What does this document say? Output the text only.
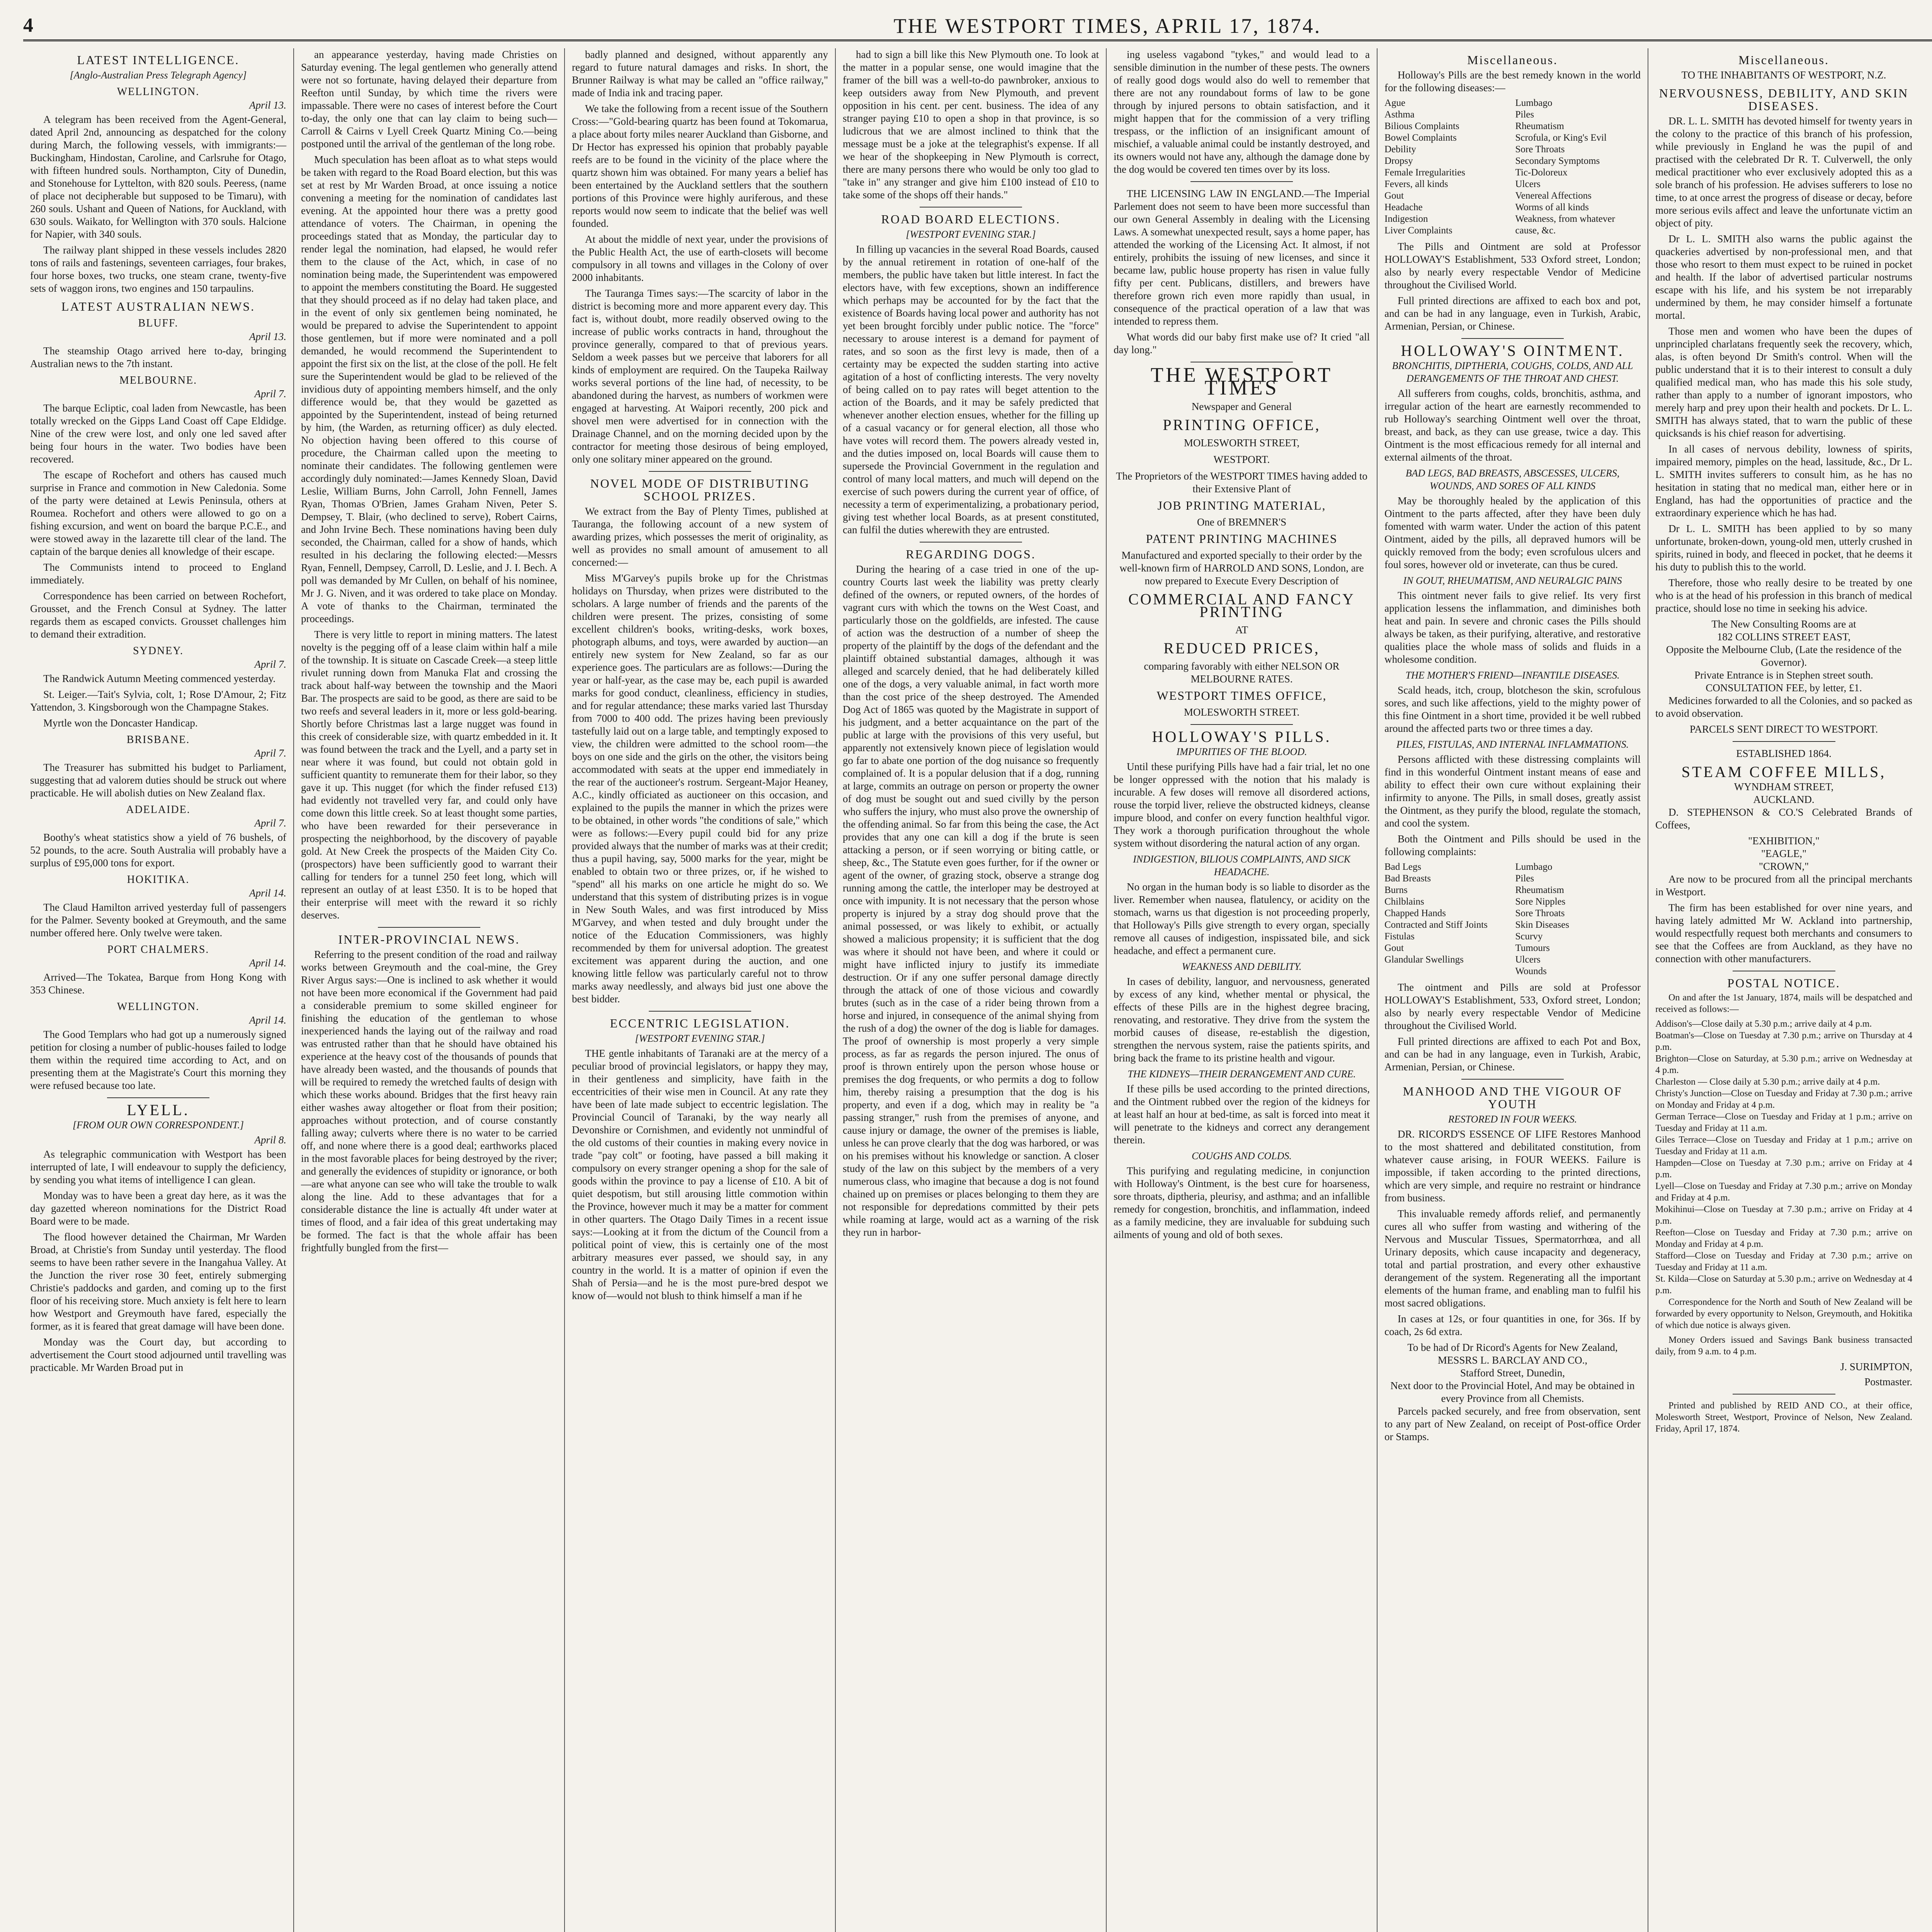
4	THE WESTPORT TIMES, APRIL 17, 1874.
LATEST INTELLIGENCE.
[Anglo-Australian Press Telegraph Agency]
WELLINGTON.
April 13.

A telegram has been received from the Agent-General, dated April 2nd, announcing as despatched for the colony during March, the following vessels, with immigrants:—Buckingham, Hindostan, Caroline, and Carlsruhe for Otago, with fifteen hundred souls. Northampton, City of Dunedin, and Stonehouse for Lyttelton, with 820 souls. Peeress, (name of place not decipherable but supposed to be Timaru), with 260 souls. Ushant and Queen of Nations, for Auckland, with 630 souls. Waikato, for Wellington with 370 souls. Halcione for Napier, with 340 souls.

The railway plant shipped in these vessels includes 2820 tons of rails and fastenings, seventeen carriages, four brakes, four horse boxes, two trucks, one steam crane, twenty-five sets of waggon irons, two engines and 150 tarpaulins.

LATEST AUSTRALIAN NEWS.
BLUFF.
April 13.

The steamship Otago arrived here to-day, bringing Australian news to the 7th instant.

MELBOURNE.
April 7.

The barque Ecliptic, coal laden from Newcastle, has been totally wrecked on the Gipps Land Coast off Cape Eldidge. Nine of the crew were lost, and only one led saved after being four hours in the water. Two bodies have been recovered.

The escape of Rochefort and others has caused much surprise in France and commotion in New Caledonia. Some of the party were detained at Lewis Peninsula, others at Roumea. Rochefort and others were allowed to go on a fishing excursion, and went on board the barque P.C.E., and were stowed away in the lazarette till clear of the land. The captain of the barque denies all knowledge of their escape.

The Communists intend to proceed to England immediately.

Correspondence has been carried on between Rochefort, Grousset, and the French Consul at Sydney. The latter regards them as escaped convicts. Grousset challenges him to demand their extradition.

SYDNEY.
April 7.

The Randwick Autumn Meeting commenced yesterday.

St. Leiger.—Tait's Sylvia, colt, 1; Rose D'Amour, 2; Fitz Yattendon, 3. Kingsborough won the Champagne Stakes.

Myrtle won the Doncaster Handicap.

BRISBANE.
April 7.

The Treasurer has submitted his budget to Parliament, suggesting that ad valorem duties should be struck out where practicable. He will abolish duties on New Zealand flax.

ADELAIDE.
April 7.

Boothy's wheat statistics show a yield of 76 bushels, of 52 pounds, to the acre. South Australia will probably have a surplus of £95,000 tons for export.

HOKITIKA.
April 14.

The Claud Hamilton arrived yesterday full of passengers for the Palmer. Seventy booked at Greymouth, and the same number offered here. Only twelve were taken.

PORT CHALMERS.
April 14.

Arrived—The Tokatea, Barque from Hong Kong with 353 Chinese.

WELLINGTON.
April 14.

The Good Templars who had got up a numerously signed petition for closing a number of public-houses failed to lodge them within the required time according to Act, and on presenting them at the Magistrate's Court this morning they were refused because too late.

LYELL.
[FROM OUR OWN CORRESPONDENT.]
April 8.

As telegraphic communication with Westport has been interrupted of late, I will endeavour to supply the deficiency, by sending you what items of intelligence I can glean.

Monday was to have been a great day here, as it was the day gazetted whereon nominations for the District Road Board were to be made.

The flood however detained the Chairman, Mr Warden Broad, at Christie's from Sunday until yesterday. The flood seems to have been rather severe in the Inangahua Valley. At the Junction the river rose 30 feet, entirely submerging Christie's paddocks and garden, and coming up to the first floor of his receiving store. Much anxiety is felt here to learn how Westport and Greymouth have fared, especially the former, as it is feared that great damage will have been done.

Monday was the Court day, but according to advertisement the Court stood adjourned until travelling was practicable. Mr Warden Broad put in

an appearance yesterday, having made Christies on Saturday evening. The legal gentlemen who generally attend were not so fortunate, having delayed their departure from Reefton until Sunday, by which time the rivers were impassable. There were no cases of interest before the Court to-day, the only one that can lay claim to being such—Carroll & Cairns v Lyell Creek Quartz Mining Co.—being postponed until the arrival of the gentleman of the long robe.

Much speculation has been afloat as to what steps would be taken with regard to the Road Board election, but this was set at rest by Mr Warden Broad, at once issuing a notice convening a meeting for the nomination of candidates last evening. At the appointed hour there was a pretty good attendance of voters. The Chairman, in opening the proceedings stated that as Monday, the particular day to render legal the nomination, had elapsed, he would refer them to the clause of the Act, which, in case of no nomination being made, the Superintendent was empowered to appoint the members constituting the Board. He suggested that they should proceed as if no delay had taken place, and in the event of only six gentlemen being nominated, he would be prepared to advise the Superintendent to appoint those gentlemen, but if more were nominated and a poll demanded, he would recommend the Superintendent to appoint the first six on the list, at the close of the poll. He felt sure the Superintendent would be glad to be relieved of the invidious duty of appointing members himself, and the only difference would be, that they would be gazetted as appointed by the Superintendent, instead of being returned by him, (the Warden, as returning officer) as duly elected. No objection having been offered to this course of procedure, the Chairman called upon the meeting to nominate their candidates. The following gentlemen were accordingly duly nominated:—James Kennedy Sloan, David Leslie, William Burns, John Carroll, John Fennell, James Ryan, Thomas O'Brien, James Graham Niven, Peter S. Dempsey, T. Blair, (who declined to serve), Robert Cairns, and John Irvine Bech. These nominations having been duly seconded, the Chairman, called for a show of hands, which resulted in his declaring the following elected:—Messrs Ryan, Fennell, Dempsey, Carroll, D. Leslie, and J. I. Bech. A poll was demanded by Mr Cullen, on behalf of his nominee, Mr J. G. Niven, and it was ordered to take place on Monday. A vote of thanks to the Chairman, terminated the proceedings.

There is very little to report in mining matters. The latest novelty is the pegging off of a lease claim within half a mile of the township. It is situate on Cascade Creek—a steep little rivulet running down from Manuka Flat and crossing the track about half-way between the township and the Maori Bar. The prospects are said to be good, as there are said to be two reefs and several leaders in it, more or less gold-bearing. Shortly before Christmas last a large nugget was found in this creek of considerable size, with quartz embedded in it. It was found between the track and the Lyell, and a party set in near where it was found, but could not obtain gold in sufficient quantity to remunerate them for their labor, so they gave it up. This nugget (for which the finder refused £13) had evidently not travelled very far, and could only have come down this little creek. So at least thought some parties, who have been rewarded for their perseverance in prospecting the neighborhood, by the discovery of payable gold. At New Creek the prospects of the Maiden City Co. (prospectors) have been sufficiently good to warrant their calling for tenders for a tunnel 250 feet long, which will represent an outlay of at least £350. It is to be hoped that their enterprise will meet with the reward it so richly deserves.

INTER-PROVINCIAL NEWS.

Referring to the present condition of the road and railway works between Greymouth and the coal-mine, the Grey River Argus says:—One is inclined to ask whether it would not have been more economical if the Government had paid a considerable premium to some skilled engineer for finishing the education of the gentleman to whose inexperienced hands the laying out of the railway and road was entrusted rather than that he should have obtained his experience at the heavy cost of the thousands of pounds that have already been wasted, and the thousands of pounds that will be required to remedy the wretched faults of design with which these works abound. Bridges that the first heavy rain either washes away altogether or float from their position; approaches without protection, and of course constantly falling away; culverts where there is no water to be carried off, and none where there is a good deal; earthworks placed in the most favorable places for being destroyed by the river; and generally the evidences of stupidity or ignorance, or both—are what anyone can see who will take the trouble to walk along the line. Add to these advantages that for a considerable distance the line is actually 4ft under water at times of flood, and a fair idea of this great undertaking may be formed. The fact is that the whole affair has been frightfully bungled from the first—

badly planned and designed, without apparently any regard to future natural damages and risks. In short, the Brunner Railway is what may be called an "office railway," made of India ink and tracing paper.

We take the following from a recent issue of the Southern Cross:—"Gold-bearing quartz has been found at Tokomarua, a place about forty miles nearer Auckland than Gisborne, and Dr Hector has expressed his opinion that probably payable reefs are to be found in the vicinity of the place where the quartz shown him was obtained. For many years a belief has been entertained by the Auckland settlers that the southern portions of this Province were highly auriferous, and these reports would now seem to indicate that the belief was well founded.

At about the middle of next year, under the provisions of the Public Health Act, the use of earth-closets will become compulsory in all towns and villages in the Colony of over 2000 inhabitants.

The Tauranga Times says:—The scarcity of labor in the district is becoming more and more apparent every day. This fact is, without doubt, more readily observed owing to the increase of public works contracts in hand, throughout the province generally, compared to that of previous years. Seldom a week passes but we perceive that laborers for all kinds of employment are required. On the Taupeka Railway works several portions of the line had, of necessity, to be abandoned during the harvest, as numbers of workmen were engaged at harvesting. At Waipori recently, 200 pick and shovel men were advertised for in connection with the Drainage Channel, and on the morning decided upon by the contractor for meeting those desirous of being employed, only one solitary miner appeared on the ground.

NOVEL MODE OF DISTRIBUTING SCHOOL PRIZES.

We extract from the Bay of Plenty Times, published at Tauranga, the following account of a new system of awarding prizes, which possesses the merit of originality, as well as provides no small amount of amusement to all concerned:—

Miss M'Garvey's pupils broke up for the Christmas holidays on Thursday, when prizes were distributed to the scholars. A large number of friends and the parents of the children were present. The prizes, consisting of some excellent children's books, writing-desks, work boxes, photograph albums, and toys, were awarded by auction—an entirely new system for New Zealand, so far as our experience goes. The particulars are as follows:—During the year or half-year, as the case may be, each pupil is awarded marks for good conduct, cleanliness, efficiency in studies, and for regular attendance; these marks varied last Thursday from 7000 to 400 odd. The prizes having been previously tastefully laid out on a large table, and temptingly exposed to view, the children were admitted to the school room—the boys on one side and the girls on the other, the visitors being accommodated with seats at the upper end immediately in the rear of the auctioneer's rostrum. Sergeant-Major Heaney, A.C., kindly officiated as auctioneer on this occasion, and explained to the pupils the manner in which the prizes were to be obtained, in other words "the conditions of sale," which were as follows:—Every pupil could bid for any prize provided always that the number of marks was at their credit; thus a pupil having, say, 5000 marks for the year, might be enabled to obtain two or three prizes, or, if he wished to "spend" all his marks on one article he might do so. We understand that this system of distributing prizes is in vogue in New South Wales, and was first introduced by Miss M'Garvey, and when tested and duly brought under the notice of the Education Commissioners, was highly recommended by them for universal adoption. The greatest excitement was apparent during the auction, and one knowing little fellow was particularly careful not to throw marks away needlessly, and always bid just one above the best bidder.

ECCENTRIC LEGISLATION.
[WESTPORT EVENING STAR.]

THE gentle inhabitants of Taranaki are at the mercy of a peculiar brood of provincial legislators, or happy they may, in their gentleness and simplicity, have faith in the eccentricities of their wise men in Council. At any rate they have been of late made subject to eccentric legislation. The Provincial Council of Taranaki, by the way nearly all Devonshire or Cornishmen, and evidently not unmindful of the old customs of their counties in making every novice in trade "pay colt" or footing, have passed a bill making it compulsory on every stranger opening a shop for the sale of goods within the province to pay a license of £10. A bit of quiet despotism, but still arousing little commotion within the Province, however much it may be a matter for comment in other quarters. The Otago Daily Times in a recent issue says:—Looking at it from the dictum of the Council from a political point of view, this is certainly one of the most arbitrary measures ever passed, we should say, in any country in the world. It is a matter of opinion if even the Shah of Persia—and he is the most pure-bred despot we know of—would not blush to think himself a man if he

had to sign a bill like this New Plymouth one. To look at the matter in a popular sense, one would imagine that the framer of the bill was a well-to-do pawnbroker, anxious to keep outsiders away from New Plymouth, and prevent opposition in his cent. per cent. business. The idea of any stranger paying £10 to open a shop in that province, is so ludicrous that we are almost inclined to think that the message must be a joke at the telegraphist's expense. If all we hear of the shopkeeping in New Plymouth is correct, there are many persons there who would be only too glad to "take in" any stranger and give him £100 instead of £10 to take some of the shops off their hands."

ROAD BOARD ELECTIONS.
[WESTPORT EVENING STAR.]

In filling up vacancies in the several Road Boards, caused by the annual retirement in rotation of one-half of the members, the public have taken but little interest. In fact the electors have, with few exceptions, shown an indifference which perhaps may be accounted for by the fact that the existence of Boards having local power and authority has not yet been brought forcibly under public notice. The "force" necessary to arouse interest is a demand for payment of rates, and so soon as the first levy is made, then of a certainty may be expected the sudden starting into active agitation of a host of conflicting interests. The very novelty of being called on to pay rates will beget attention to the action of the Boards, and it may be safely predicted that whenever another election ensues, whether for the filling up of a casual vacancy or for general election, all those who have votes will record them. The powers already vested in, and the duties imposed on, local Boards will cause them to supersede the Provincial Government in the regulation and control of many local matters, and much will depend on the exercise of such powers during the current year of office, of necessity a term of experimentalizing, a probationary period, giving test whether local Boards, as at present constituted, can fulfil the duties wherewith they are entrusted.

REGARDING DOGS.

During the hearing of a case tried in one of the up-country Courts last week the liability was pretty clearly defined of the owners, or reputed owners, of the hordes of vagrant curs with which the towns on the West Coast, and particularly those on the goldfields, are infested. The cause of action was the destruction of a number of sheep the property of the plaintiff by the dogs of the defendant and the plaintiff obtained substantial damages, although it was alleged and scarcely denied, that he had deliberately killed one of the dogs, a very valuable animal, in fact worth more than the cost price of the sheep destroyed. The Amended Dog Act of 1865 was quoted by the Magistrate in support of his judgment, and a better acquaintance on the part of the public at large with the provisions of this very useful, but apparently not extensively known piece of legislation would go far to abate one portion of the dog nuisance so frequently complained of. It is a popular delusion that if a dog, running at large, commits an outrage on person or property the owner of dog must be sought out and sued civilly by the person who suffers the injury, who must also prove the ownership of the offending animal. So far from this being the case, the Act provides that any one can kill a dog if the brute is seen attacking a person, or if seen worrying or biting cattle, or sheep, &c., The Statute even goes further, for if the owner or agent of the owner, of grazing stock, observe a strange dog running among the cattle, the interloper may be destroyed at once with impunity. It is not necessary that the person whose property is injured by a stray dog should prove that the animal possessed, or was likely to exhibit, or actually showed a malicious propensity; it is sufficient that the dog was where it should not have been, and where it could or might have inflicted injury to justify its immediate destruction. Or if any one suffer personal damage directly through the attack of one of those vicious and cowardly brutes (such as in the case of a rider being thrown from a horse and injured, in consequence of the animal shying from the rush of a dog) the owner of the dog is liable for damages. The proof of ownership is most properly a very simple process, as far as regards the person injured. The onus of proof is thrown entirely upon the person whose house or premises the dog frequents, or who permits a dog to follow him, thereby raising a presumption that the dog is his property, and even if a dog, which may in reality be "a passing stranger," rush from the premises of anyone, and cause injury or damage, the owner of the premises is liable, unless he can prove clearly that the dog was harbored, or was on his premises without his knowledge or sanction. A closer study of the law on this subject by the members of a very numerous class, who imagine that because a dog is not found chained up on premises or places belonging to them they are not responsible for depredations committed by their pets while roaming at large, would act as a warning of the risk they run in harbor-

ing useless vagabond "tykes," and would lead to a sensible diminution in the number of these pests. The owners of really good dogs would also do well to remember that there are not any roundabout forms of law to be gone through by injured persons to obtain satisfaction, and it might happen that for the commission of a very trifling trespass, or the infliction of an insignificant amount of mischief, a valuable animal could be instantly destroyed, and its owners would not have any, although the damage done by the dog would be covered ten times over by its loss.

THE LICENSING LAW IN ENGLAND.—The Imperial Parlement does not seem to have been more successful than our own General Assembly in dealing with the Licensing Laws. A somewhat unexpected result, says a home paper, has attended the working of the Licensing Act. It almost, if not entirely, prohibits the issuing of new licenses, and since it became law, public house property has risen in value fully fifty per cent. Publicans, distillers, and brewers have therefore grown rich even more rapidly than usual, in consequence of the practical operation of a law that was intended to repress them.

What words did our baby first make use of? It cried "all day long."

THE WESTPORT TIMES
Newspaper and General
PRINTING OFFICE,
MOLESWORTH STREET,
WESTPORT.
The Proprietors of the WESTPORT TIMES having added to their Extensive Plant of
JOB PRINTING MATERIAL,
One of BREMNER'S
PATENT PRINTING MACHINES
Manufactured and exported specially to their order by the well-known firm of HARROLD AND SONS, London, are now prepared to Execute Every Description of
COMMERCIAL AND FANCY PRINTING
AT
REDUCED PRICES,
comparing favorably with either NELSON OR MELBOURNE RATES.
WESTPORT TIMES OFFICE,
MOLESWORTH STREET.
HOLLOWAY'S PILLS.
IMPURITIES OF THE BLOOD.

Until these purifying Pills have had a fair trial, let no one be longer oppressed with the notion that his malady is incurable. A few doses will remove all disordered actions, rouse the torpid liver, relieve the obstructed kidneys, cleanse impure blood, and confer on every function healthful vigor. They work a thorough purification throughout the whole system without disordering the natural action of any organ.

INDIGESTION, BILIOUS COMPLAINTS, AND SICK HEADACHE.

No organ in the human body is so liable to disorder as the liver. Remember when nausea, flatulency, or acidity on the stomach, warns us that digestion is not proceeding properly, that Holloway's Pills give strength to every organ, specially remove all causes of indigestion, inspissated bile, and sick headache, and effect a permanent cure.

WEAKNESS AND DEBILITY.

In cases of debility, languor, and nervousness, generated by excess of any kind, whether mental or physical, the effects of these Pills are in the highest degree bracing, renovating, and restorative. They drive from the system the morbid causes of disease, re-establish the digestion, strengthen the nervous system, raise the patients spirits, and bring back the frame to its pristine health and vigour.

THE KIDNEYS—THEIR DERANGEMENT AND CURE.

If these pills be used according to the printed directions, and the Ointment rubbed over the region of the kidneys for at least half an hour at bed-time, as salt is forced into meat it will penetrate to the kidneys and correct any derangement therein.

COUGHS AND COLDS.

This purifying and regulating medicine, in conjunction with Holloway's Ointment, is the best cure for hoarseness, sore throats, diptheria, pleurisy, and asthma; and an infallible remedy for congestion, bronchitis, and inflammation, indeed as a family medicine, they are invaluable for subduing such ailments of young and old of both sexes.

Miscellaneous.

Holloway's Pills are the best remedy known in the world for the following diseases:—

Ague	Lumbago
Asthma	Piles
Bilious Complaints	Rheumatism
Bowel Complaints	Scrofula, or King's Evil
Debility	Sore Throats
Dropsy	Secondary Symptoms
Female Irregularities	Tic-Doloreux
Fevers, all kinds	Ulcers
Gout	Venereal Affections
Headache	Worms of all kinds
Indigestion	Weakness, from whatever
Liver Complaints	cause, &c.

The Pills and Ointment are sold at Professor HOLLOWAY'S Establishment, 533 Oxford street, London; also by nearly every respectable Vendor of Medicine throughout the Civilised World.

Full printed directions are affixed to each box and pot, and can be had in any language, even in Turkish, Arabic, Armenian, Persian, or Chinese.

HOLLOWAY'S OINTMENT.
BRONCHITIS, DIPTHERIA, COUGHS, COLDS, AND ALL DERANGEMENTS OF THE THROAT AND CHEST.

All sufferers from coughs, colds, bronchitis, asthma, and irregular action of the heart are earnestly recommended to rub Holloway's searching Ointment well over the throat, breast, and back, as they can use grease, twice a day. This Ointment is the most efficacious remedy for all internal and external ailments of the throat.

BAD LEGS, BAD BREASTS, ABSCESSES, ULCERS, WOUNDS, AND SORES OF ALL KINDS

May be thoroughly healed by the application of this Ointment to the parts affected, after they have been duly fomented with warm water. Under the action of this patent Ointment, aided by the pills, all depraved humors will be quickly removed from the body; even scrofulous ulcers and foul sores, however old or inveterate, can thus be cured.

IN GOUT, RHEUMATISM, AND NEURALGIC PAINS

This ointment never fails to give relief. Its very first application lessens the inflammation, and diminishes both heat and pain. In severe and chronic cases the Pills should always be taken, as their purifying, alterative, and restorative qualities place the whole mass of solids and fluids in a wholesome condition.

THE MOTHER'S FRIEND—INFANTILE DISEASES.

Scald heads, itch, croup, blotcheson the skin, scrofulous sores, and such like affections, yield to the mighty power of this fine Ointment in a short time, provided it be well rubbed around the affected parts two or three times a day.

PILES, FISTULAS, AND INTERNAL INFLAMMATIONS.

Persons afflicted with these distressing complaints will find in this wonderful Ointment instant means of ease and ability to effect their own cure without explaining their infirmity to anyone. The Pills, in small doses, greatly assist the Ointment, as they purify the blood, regulate the stomach, and cool the system.

Both the Ointment and Pills should be used in the following complaints:

Bad Legs	Lumbago
Bad Breasts	Piles
Burns	Rheumatism
Chilblains	Sore Nipples
Chapped Hands	Sore Throats
Contracted and Stiff Joints	Skin Diseases
Fistulas	Scurvy
Gout	Tumours
Glandular Swellings	Ulcers
Wounds

The ointment and Pills are sold at Professor HOLLOWAY'S Establishment, 533, Oxford street, London; also by nearly every respectable Vendor of Medicine throughout the Civilised World.

Full printed directions are affixed to each Pot and Box, and can be had in any language, even in Turkish, Arabic, Armenian, Persian, or Chinese.

MANHOOD AND THE VIGOUR OF YOUTH
RESTORED IN FOUR WEEKS.

DR. RICORD'S ESSENCE OF LIFE Restores Manhood to the most shattered and debilitated constitution, from whatever cause arising, in FOUR WEEKS. Failure is impossible, if taken according to the printed directions, which are very simple, and require no restraint or hindrance from business.

This invaluable remedy affords relief, and permanently cures all who suffer from wasting and withering of the Nervous and Muscular Tissues, Spermatorrhœa, and all Urinary deposits, which cause incapacity and degeneracy, total and partial prostration, and every other exhaustive derangement of the system. Regenerating all the important elements of the human frame, and enabling man to fulfil his most sacred obligations.

In cases at 12s, or four quantities in one, for 36s. If by coach, 2s 6d extra.

To be had of Dr Ricord's Agents for New Zealand,
MESSRS L. BARCLAY AND CO.,
Stafford Street, Dunedin,
Next door to the Provincial Hotel, And may be obtained in every Province from all Chemists.

Parcels packed securely, and free from observation, sent to any part of New Zealand, on receipt of Post-office Order or Stamps.

Miscellaneous.
TO THE INHABITANTS OF WESTPORT, N.Z.
NERVOUSNESS, DEBILITY, AND SKIN DISEASES.

DR. L. L. SMITH has devoted himself for twenty years in the colony to the practice of this branch of his profession, while previously in England he was the pupil of and practised with the celebrated Dr R. T. Culverwell, the only medical practitioner who ever exclusively adopted this as a sole branch of his profession. He advises sufferers to lose no time, to at once arrest the progress of disease or decay, before more serious evils affect and leave the unfortunate victim an object of pity.

Dr L. L. SMITH also warns the public against the quackeries advertised by non-professional men, and that those who resort to them must expect to be ruined in pocket and health. If the labor of advertised particular nostrums escape with his life, and his system be not irreparably undermined by them, he may consider himself a fortunate mortal.

Those men and women who have been the dupes of unprincipled charlatans frequently seek the recovery, which, alas, is often beyond Dr Smith's control. When will the public understand that it is to their interest to consult a duly qualified medical man, who has made this his sole study, rather than apply to a number of ignorant impostors, who merely harp and prey upon their health and pockets. Dr L. L. SMITH has always stated, that to warn the public of these quicksands is his chief reason for advertising.

In all cases of nervous debility, lowness of spirits, impaired memory, pimples on the head, lassitude, &c., Dr L. L. SMITH invites sufferers to consult him, as he has no hesitation in stating that no medical man, either here or in England, has had the opportunities of practice and the extraordinary experience which he has had.

Dr L. L. SMITH has been applied to by so many unfortunate, broken-down, young-old men, utterly crushed in spirits, ruined in body, and fleeced in pocket, that he deems it his duty to publish this to the world.

Therefore, those who really desire to be treated by one who is at the head of his profession in this branch of medical practice, should lose no time in seeking his advice.

The New Consulting Rooms are at
182 COLLINS STREET EAST,
Opposite the Melbourne Club, (Late the residence of the Governor).
Private Entrance is in Stephen street south.
CONSULTATION FEE, by letter, £1.

Medicines forwarded to all the Colonies, and so packed as to avoid observation.

PARCELS SENT DIRECT TO WESTPORT.
ESTABLISHED 1864.
STEAM COFFEE MILLS,
WYNDHAM STREET,
AUCKLAND.

D. STEPHENSON & CO.'S Celebrated Brands of Coffees,

"EXHIBITION,"
"EAGLE,"
"CROWN,"

Are now to be procured from all the principal merchants in Westport.

The firm has been established for over nine years, and having lately admitted Mr W. Ackland into partnership, would respectfully request both merchants and consumers to see that the Coffees are from Auckland, as they have no connection with other manufacturers.

POSTAL NOTICE.

On and after the 1st January, 1874, mails will be despatched and received as follows:—

Addison's—Close daily at 5.30 p.m.; arrive daily at 4 p.m.
Boatman's—Close on Tuesday at 7.30 p.m.; arrive on Thursday at 4 p.m.
Brighton—Close on Saturday, at 5.30 p.m.; arrive on Wednesday at 4 p.m.
Charleston — Close daily at 5.30 p.m.; arrive daily at 4 p.m.
Christy's Junction—Close on Tuesday and Friday at 7.30 p.m.; arrive on Monday and Friday at 4 p.m.
German Terrace—Close on Tuesday and Friday at 1 p.m.; arrive on Tuesday and Friday at 11 a.m.
Giles Terrace—Close on Tuesday and Friday at 1 p.m.; arrive on Tuesday and Friday at 11 a.m.
Hampden—Close on Tuesday at 7.30 p.m.; arrive on Friday at 4 p.m.
Lyell—Close on Tuesday and Friday at 7.30 p.m.; arrive on Monday and Friday at 4 p.m.
Mokihinui—Close on Tuesday at 7.30 p.m.; arrive on Friday at 4 p.m.
Reefton—Close on Tuesday and Friday at 7.30 p.m.; arrive on Monday and Friday at 4 p.m.
Stafford—Close on Tuesday and Friday at 7.30 p.m.; arrive on Tuesday and Friday at 11 a.m.
St. Kilda—Close on Saturday at 5.30 p.m.; arrive on Wednesday at 4 p.m.

Correspondence for the North and South of New Zealand will be forwarded by every opportunity to Nelson, Greymouth, and Hokitika of which due notice is always given.

Money Orders issued and Savings Bank business transacted daily, from 9 a.m. to 4 p.m.

J. SURIMPTON,
Postmaster.

Printed and published by REID AND CO., at their office, Molesworth Street, Westport, Province of Nelson, New Zealand. Friday, April 17, 1874.
